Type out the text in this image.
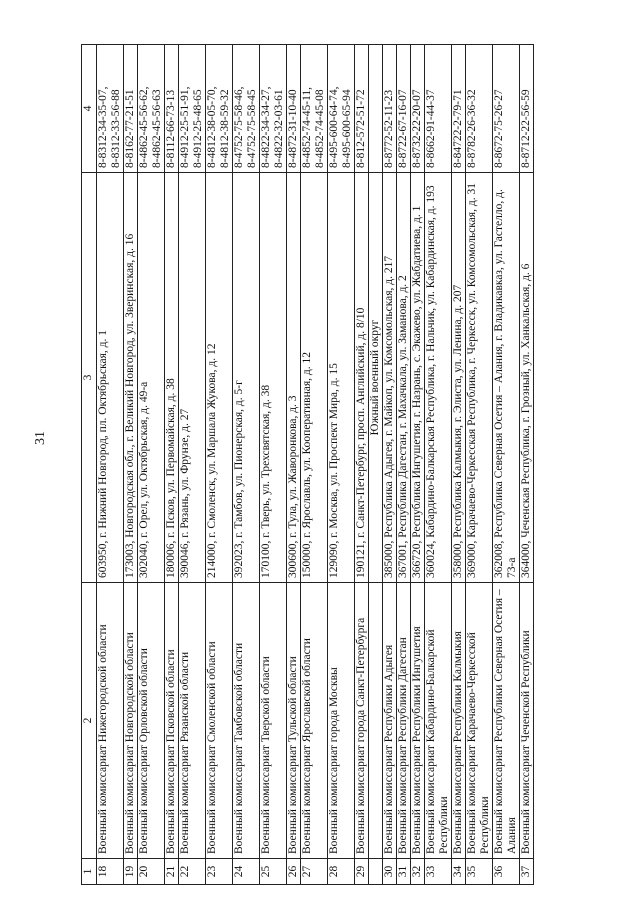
31
1	2	3	4
18	Военный комиссариат Нижегородской области	603950, г. Нижний Новгород, пл. Октябрьская, д. 1	8-8312-34-35-07, 8-8312-33-56-88

19	Военный комиссариат Новгородской области	173003, Новгородская обл., г. Великий Новгород, ул. Зверинская, д. 16	8-8162-77-21-51

20	Военный комиссариат Орловской области	302040, г. Орел, ул. Октябрьская, д. 49-а	8-4862-45-56-62, 8-4862-45-56-63

21	Военный комиссариат Псковской области	180006, г. Псков, ул. Первомайская, д. 38	8-8112-66-73-13

22	Военный комиссариат Рязанской области	390046, г. Рязань, ул. Фрунзе, д. 27	8-4912-25-51-91, 8-4912-25-48-65

23	Военный комиссариат Смоленской области	214000, г. Смоленск, ул. Маршала Жукова, д. 12	8-4812-38-05-70, 8-4812-38-59-32

24	Военный комиссариат Тамбовской области	392023, г. Тамбов, ул. Пионерская, д. 5-г	8-4752-75-58-46, 8-4752-75-58-45

25	Военный комиссариат Тверской области	170100, г. Тверь, ул. Трехсвятская, д. 38	8-4822-34-34-27, 8-4822-32-03-61

26	Военный комиссариат Тульской области	300600, г. Тула, ул. Жаворонкова, д. 3	8-4872-31-10-40

27	Военный комиссариат Ярославской области	150000, г. Ярославль, ул. Кооперативная, д. 12	8-4852-74-45-11, 8-4852-74-45-08

28	Военный комиссариат города Москвы	129090, г. Москва, ул. Проспект Мира, д. 15	8-495-600-64-74, 8-495-600-65-94

29	Военный комиссариат города Санкт-Петербурга	190121, г. Санкт-Петербург, просп. Английский, д. 8/10	8-812-572-51-72

		Южный военный округ	
30	Военный комиссариат Республики Адыгея	385000, Республика Адыгея, г. Майкоп, ул. Комсомольская, д. 217	8-8772-52-11-23

31	Военный комиссариат Республики Дагестан	367001, Республика Дагестан, г. Махачкала, ул. Заманова, д. 2	8-8722-67-16-07

32	Военный комиссариат Республики Ингушетия	366720, Республика Ингушетия, г. Назрань, с. Экажево, ул. Жабдатиева, д. 1	8-8732-22-20-07

33	Военный комиссариат Кабардино-Балкарской Республики	360024, Кабардино-Балкарская Республика, г. Нальчик, ул. Кабардинская, д. 193	8-8662-91-44-37

34	Военный комиссариат Республики Калмыкия	358000, Республика Калмыкия, г. Элиста, ул. Ленина, д. 207	8-84722-2-79-71

35	Военный комиссариат Карачаево-Черкесской Республики	369000, Карачаево-Черкесская Республика, г. Черкесск, ул. Комсомольская, д. 31	8-8782-26-36-32

36	Военный комиссариат Республики Северная Осетия – Алания	362008, Республика Северная Осетия – Алания, г. Владикавказ, ул. Гастелло, д. 73-а	8-8672-75-26-27

37	Военный комиссариат Чеченской Республики	364000, Чеченская Республика, г. Грозный, ул. Ханкальская, д. 6	8-8712-22-56-59
